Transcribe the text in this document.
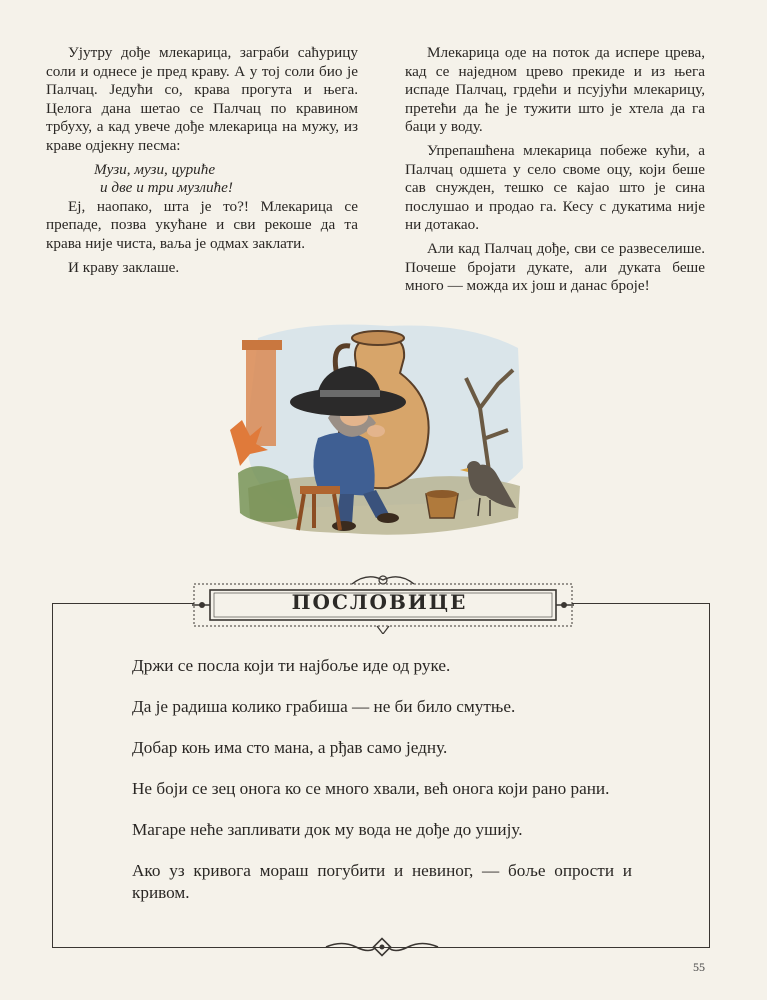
Ујутру дође млекарица, заграби саћурицу соли и однесе је пред краву. А у тој соли био је Палчац. Једући со, крава прогута и њега. Целога дана шетао се Палчац по кравином трбуху, а кад увече дође млекарица на мужу, из краве одјекну песма:

Музи, музи, цуриће
и две и три музлиће!

Еј, наопако, шта је то?! Млекарица се препаде, позва укућане и сви рекоше да та крава није чиста, ваља је одмах заклати.

И краву заклаше.

Млекарица оде на поток да испере црева, кад се наједном црево прекиде и из њега испаде Палчац, грдећи и псујући млекарицу, претећи да ће је тужити што је хтела да га баци у воду.

Упрепашћена млекарица побеже кући, а Палчац одшета у село своме оцу, који беше сав снужден, тешко се кајао што је сина послушао и продао га. Кесу с дукатима није ни дотакао.

Али кад Палчац дође, сви се развеселише. Почеше бројати дукате, али дуката беше много — можда их још и данас броје!

ПОСЛОВИЦЕ

Држи се посла који ти најбоље иде од руке.

Да је радиша колико грабиша — не би било смутње.

Добар коњ има сто мана, а рђав само једну.

Не боји се зец онога ко се много хвали, већ онога који рано рани.

Магаре неће запливати док му вода не дође до ушију.

Ако уз кривога мораш погубити и невиног, — боље опрости и кривом.

55
